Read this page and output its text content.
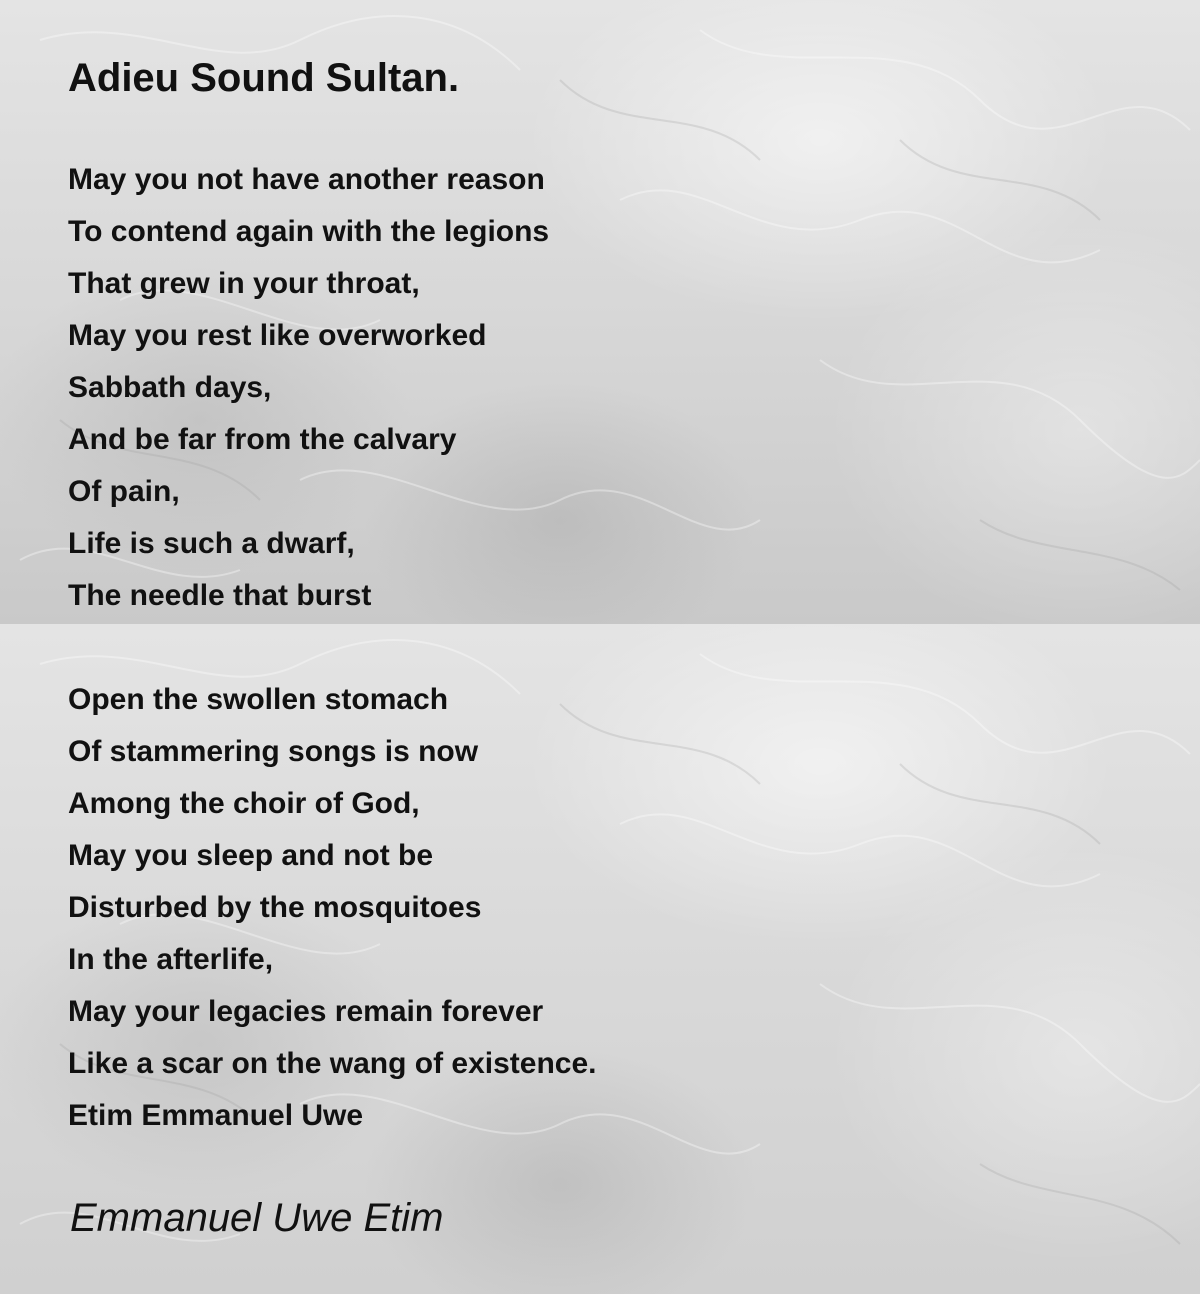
Adieu Sound Sultan.
May you not have another reason
To contend again with the legions
That grew in your throat,
May you rest like overworked
Sabbath days,
And be far from the calvary
Of pain,
Life is such a dwarf,
The needle that burst
Open the swollen stomach
Of stammering songs is now
Among the choir of God,
May you sleep and not be
Disturbed by the mosquitoes
In the afterlife,
May your legacies remain forever
Like a scar on the wang of existence.
Etim Emmanuel Uwe
Emmanuel Uwe Etim
